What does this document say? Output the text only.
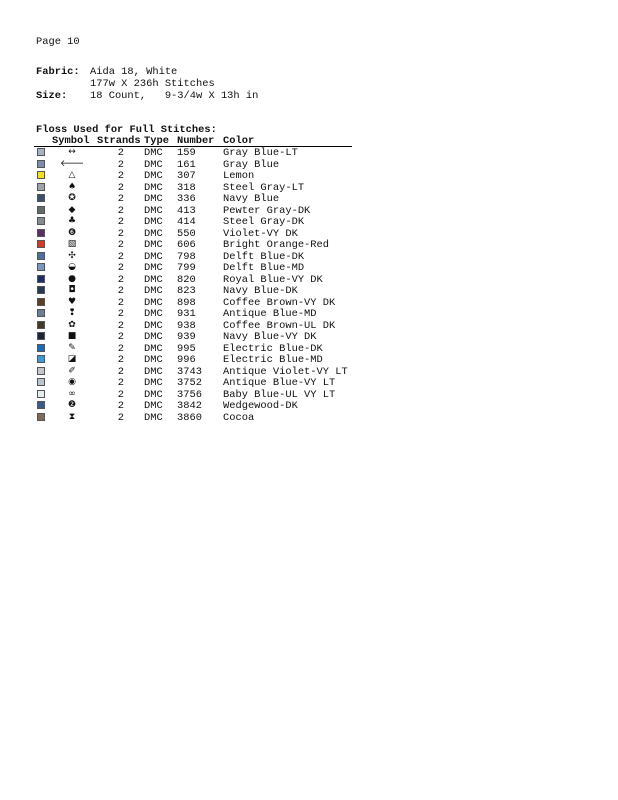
Page 10
Fabric: Aida 18, White
177w X 236h Stitches
Size: 18 Count,   9-3/4w X 13h in
Floss Used for Full Stitches:
Symbol Strands Type Number Color
↔	2 DMC 159	Gray Blue-LT
🡐	2 DMC 161	Gray Blue
△	2 DMC 307	Lemon
♠	2 DMC 318	Steel Gray-LT
✪	2 DMC 336	Navy Blue
◆	2 DMC 413	Pewter Gray-DK
♣	2 DMC 414	Steel Gray-DK
❻	2 DMC 550	Violet-VY DK
▧	2 DMC 606	Bright Orange-Red
✣	2 DMC 798	Delft Blue-DK
◒	2 DMC 799	Delft Blue-MD
●	2 DMC 820	Royal Blue-VY DK
◘	2 DMC 823	Navy Blue-DK
♥	2 DMC 898	Coffee Brown-VY DK
❢	2 DMC 931	Antique Blue-MD
✿	2 DMC 938	Coffee Brown-UL DK
■	2 DMC 939	Navy Blue-VY DK
✎	2 DMC 995	Electric Blue-DK
◪	2 DMC 996	Electric Blue-MD
✐	2 DMC 3743 Antique Violet-VY LT
◉	2 DMC 3752 Antique Blue-VY LT
∞	2 DMC 3756 Baby Blue-UL VY LT
❷	2 DMC 3842 Wedgewood-DK
⧗	2 DMC 3860 Cocoa
